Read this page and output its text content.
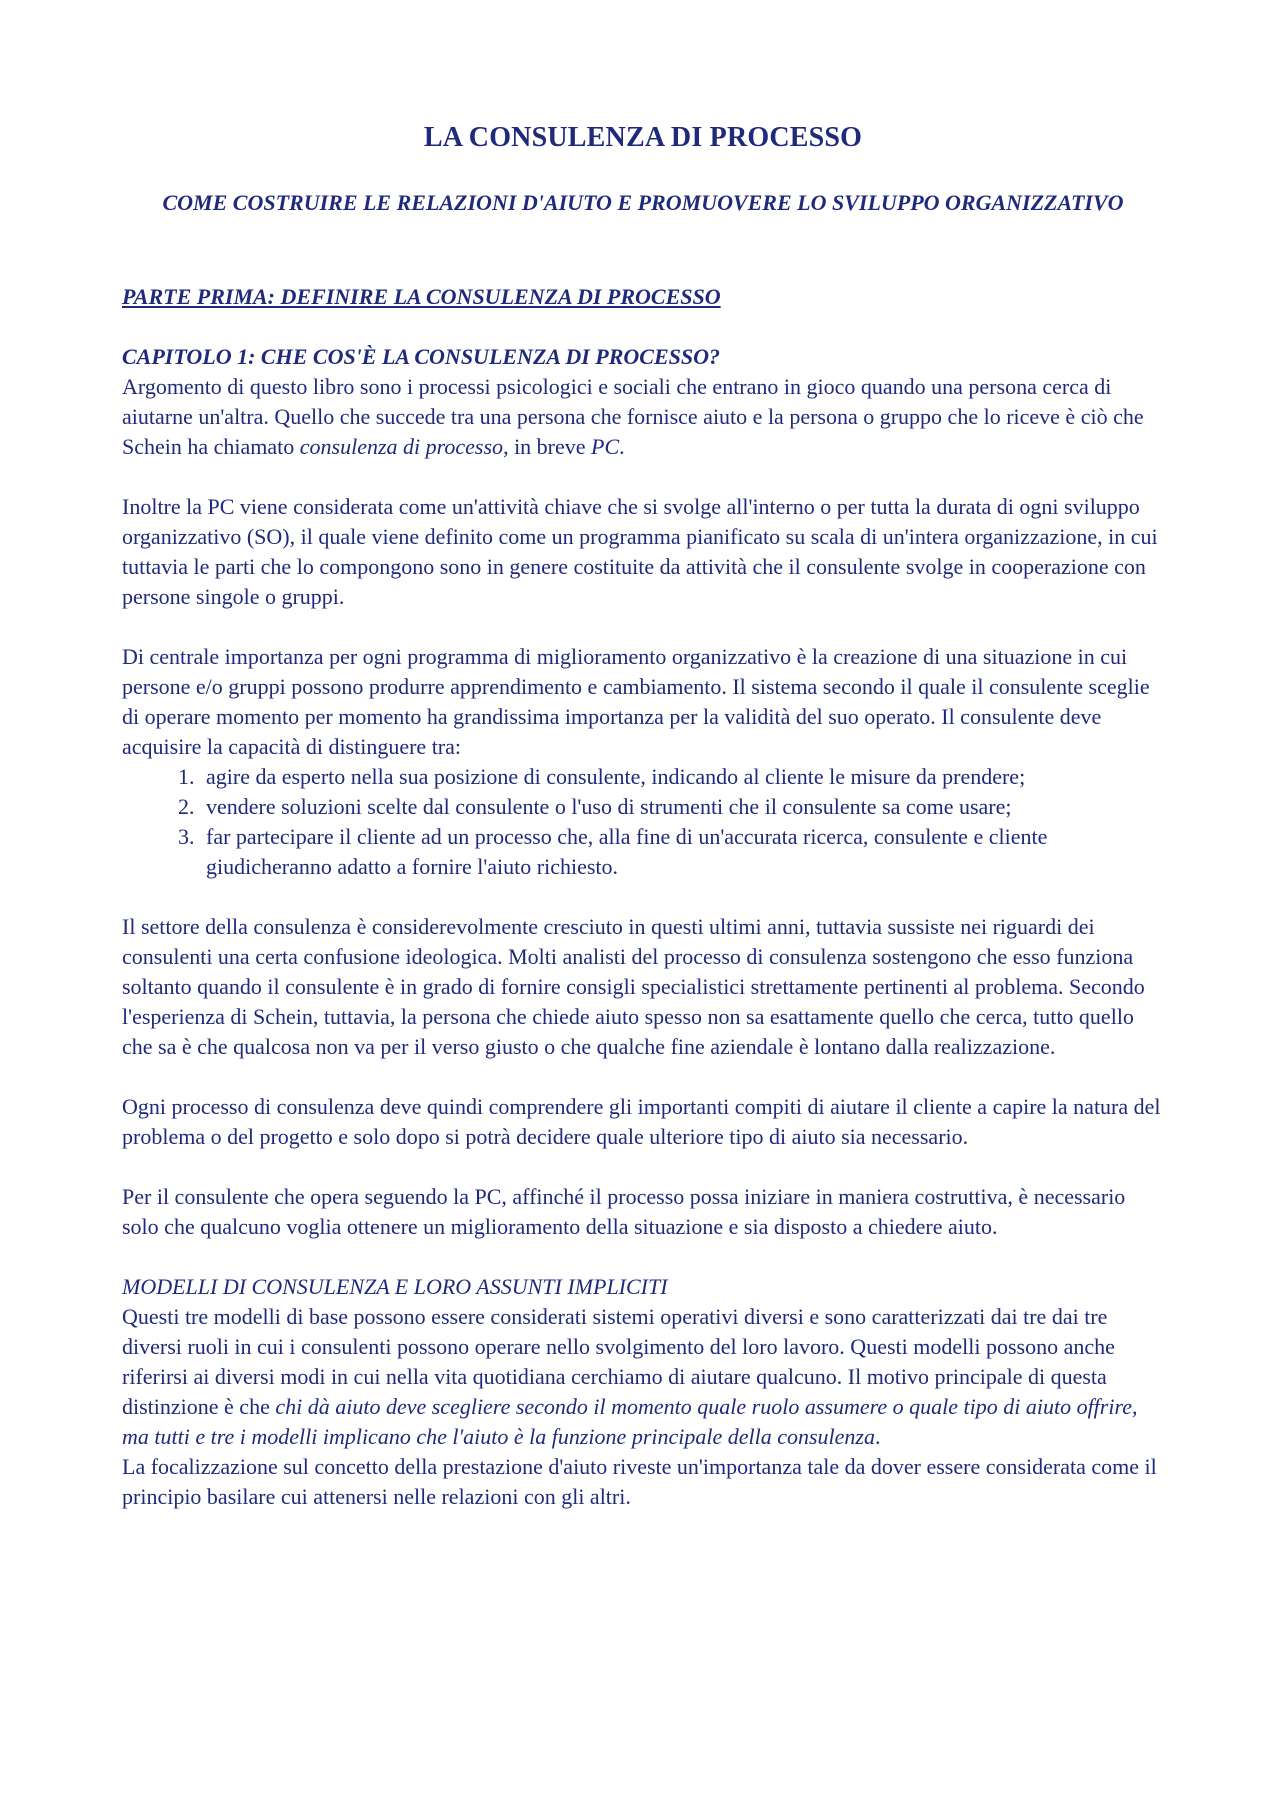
LA CONSULENZA DI PROCESSO
COME COSTRUIRE LE RELAZIONI D'AIUTO E PROMUOVERE LO SVILUPPO ORGANIZZATIVO
PARTE PRIMA: DEFINIRE LA CONSULENZA DI PROCESSO
CAPITOLO 1: CHE COS'È LA CONSULENZA DI PROCESSO?

Argomento di questo libro sono i processi psicologici e sociali che entrano in gioco quando una persona cerca di aiutarne un'altra. Quello che succede tra una persona che fornisce aiuto e la persona o gruppo che lo riceve è ciò che Schein ha chiamato consulenza di processo, in breve PC.

Inoltre la PC viene considerata come un'attività chiave che si svolge all'interno o per tutta la durata di ogni sviluppo organizzativo (SO), il quale viene definito come un programma pianificato su scala di un'intera organizzazione, in cui tuttavia le parti che lo compongono sono in genere costituite da attività che il consulente svolge in cooperazione con persone singole o gruppi.

Di centrale importanza per ogni programma di miglioramento organizzativo è la creazione di una situazione in cui persone e/o gruppi possono produrre apprendimento e cambiamento. Il sistema secondo il quale il consulente sceglie di operare momento per momento ha grandissima importanza per la validità del suo operato. Il consulente deve acquisire la capacità di distinguere tra:

1. agire da esperto nella sua posizione di consulente, indicando al cliente le misure da prendere;
2. vendere soluzioni scelte dal consulente o l'uso di strumenti che il consulente sa come usare;
3. far partecipare il cliente ad un processo che, alla fine di un'accurata ricerca, consulente e cliente giudicheranno adatto a fornire l'aiuto richiesto.

Il settore della consulenza è considerevolmente cresciuto in questi ultimi anni, tuttavia sussiste nei riguardi dei consulenti una certa confusione ideologica. Molti analisti del processo di consulenza sostengono che esso funziona soltanto quando il consulente è in grado di fornire consigli specialistici strettamente pertinenti al problema. Secondo l'esperienza di Schein, tuttavia, la persona che chiede aiuto spesso non sa esattamente quello che cerca, tutto quello che sa è che qualcosa non va per il verso giusto o che qualche fine aziendale è lontano dalla realizzazione.

Ogni processo di consulenza deve quindi comprendere gli importanti compiti di aiutare il cliente a capire la natura del problema o del progetto e solo dopo si potrà decidere quale ulteriore tipo di aiuto sia necessario.

Per il consulente che opera seguendo la PC, affinché il processo possa iniziare in maniera costruttiva, è necessario solo che qualcuno voglia ottenere un miglioramento della situazione e sia disposto a chiedere aiuto.

MODELLI DI CONSULENZA E LORO ASSUNTI IMPLICITI

Questi tre modelli di base possono essere considerati sistemi operativi diversi e sono caratterizzati dai tre dai tre diversi ruoli in cui i consulenti possono operare nello svolgimento del loro lavoro. Questi modelli possono anche riferirsi ai diversi modi in cui nella vita quotidiana cerchiamo di aiutare qualcuno. Il motivo principale di questa distinzione è che chi dà aiuto deve scegliere secondo il momento quale ruolo assumere o quale tipo di aiuto offrire, ma tutti e tre i modelli implicano che l'aiuto è la funzione principale della consulenza.

La focalizzazione sul concetto della prestazione d'aiuto riveste un'importanza tale da dover essere considerata come il principio basilare cui attenersi nelle relazioni con gli altri.
